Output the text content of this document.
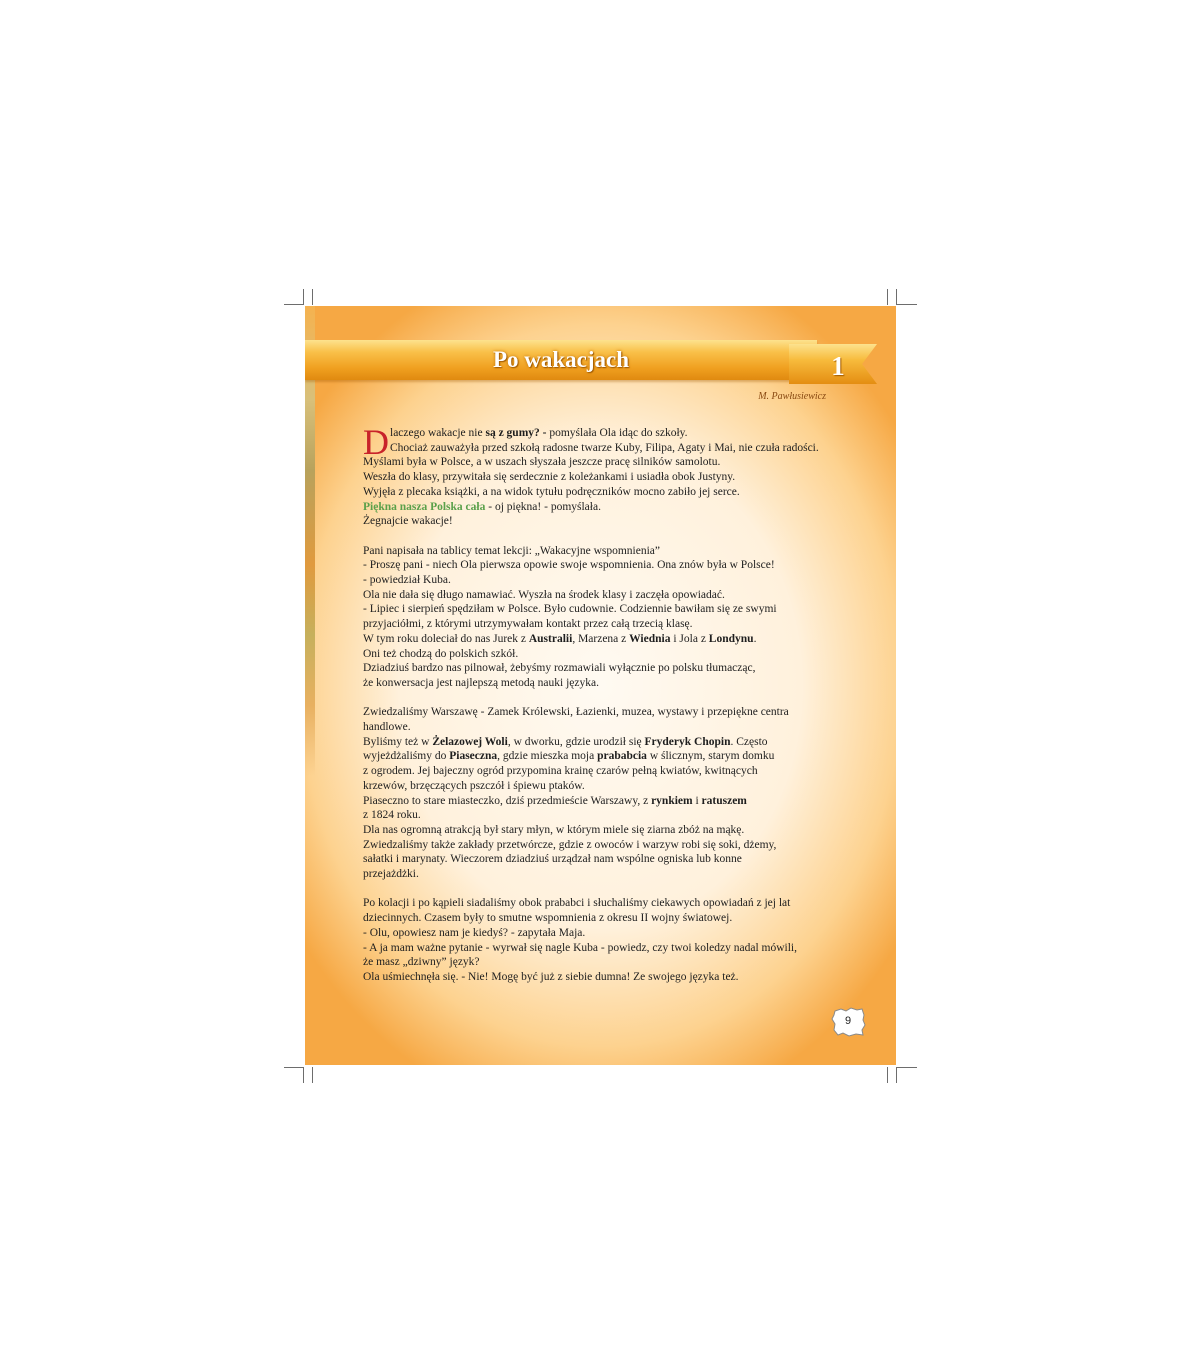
Po wakacjach	1
M. Pawłusiewicz

Dlaczego wakacje nie są z gumy? - pomyślała Ola idąc do szkoły.

Chociaż zauważyła przed szkołą radosne twarze Kuby, Filipa, Agaty i Mai, nie czuła radości.

Myślami była w Polsce, a w uszach słyszała jeszcze pracę silników samolotu.

Weszła do klasy, przywitała się serdecznie z koleżankami i usiadła obok Justyny.

Wyjęła z plecaka książki, a na widok tytułu podręczników mocno zabiło jej serce.

Piękna nasza Polska cała - oj piękna! - pomyślała.

Żegnajcie wakacje!

Pani napisała na tablicy temat lekcji: „Wakacyjne wspomnienia”

- Proszę pani - niech Ola pierwsza opowie swoje wspomnienia. Ona znów była w Polsce!

- powiedział Kuba.

Ola nie dała się długo namawiać. Wyszła na środek klasy i zaczęła opowiadać.

- Lipiec i sierpień spędziłam w Polsce. Było cudownie. Codziennie bawiłam się ze swymi

przyjaciółmi, z którymi utrzymywałam kontakt przez całą trzecią klasę.

W tym roku doleciał do nas Jurek z Australii, Marzena z Wiednia i Jola z Londynu.

Oni też chodzą do polskich szkół.

Dziadziuś bardzo nas pilnował, żebyśmy rozmawiali wyłącznie po polsku tłumacząc,

że konwersacja jest najlepszą metodą nauki języka.

Zwiedzaliśmy Warszawę - Zamek Królewski, Łazienki, muzea, wystawy i przepiękne centra

handlowe.

Byliśmy też w Żelazowej Woli, w dworku, gdzie urodził się Fryderyk Chopin. Często

wyjeżdżaliśmy do Piaseczna, gdzie mieszka moja prababcia w ślicznym, starym domku

z ogrodem. Jej bajeczny ogród przypomina krainę czarów pełną kwiatów, kwitnących

krzewów, brzęczących pszczół i śpiewu ptaków.

Piaseczno to stare miasteczko, dziś przedmieście Warszawy, z rynkiem i ratuszem

z 1824 roku.

Dla nas ogromną atrakcją był stary młyn, w którym miele się ziarna zbóż na mąkę.

Zwiedzaliśmy także zakłady przetwórcze, gdzie z owoców i warzyw robi się soki, dżemy,

sałatki i marynaty. Wieczorem dziadziuś urządzał nam wspólne ogniska lub konne

przejażdżki.

Po kolacji i po kąpieli siadaliśmy obok prababci i słuchaliśmy ciekawych opowiadań z jej lat

dziecinnych. Czasem były to smutne wspomnienia z okresu II wojny światowej.

- Olu, opowiesz nam je kiedyś? - zapytała Maja.

- A ja mam ważne pytanie - wyrwał się nagle Kuba - powiedz, czy twoi koledzy nadal mówili,

że masz „dziwny” język?

Ola uśmiechnęła się. - Nie! Mogę być już z siebie dumna! Ze swojego języka też.

9
